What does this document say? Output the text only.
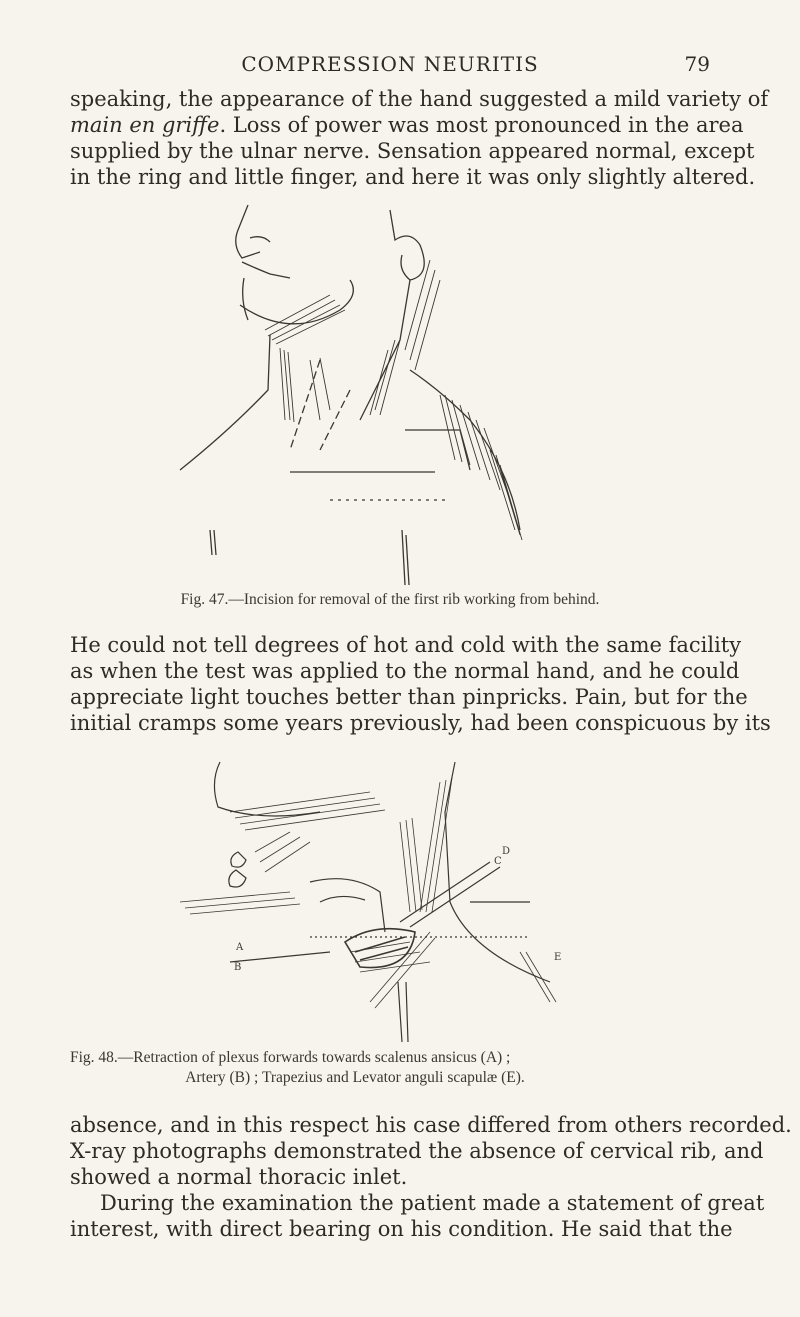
COMPRESSION NEURITIS	79
speaking, the appearance of the hand suggested a mild variety of
main en griffe. Loss of power was most pronounced in the area
supplied by the ulnar nerve. Sensation appeared normal, except
in the ring and little finger, and here it was only slightly altered.
Fig. 47.—Incision for removal of the first rib working from behind.
He could not tell degrees of hot and cold with the same facility
as when the test was applied to the normal hand, and he could
appreciate light touches better than pinpricks. Pain, but for the
initial cramps some years previously, had been conspicuous by its
D
C
A
B
E
Fig. 48.—Retraction of plexus forwards towards scalenus ansicus (A) ;
Artery (B) ; Trapezius and Levator anguli scapulæ (E).
absence, and in this respect his case differed from others recorded.
X-ray photographs demonstrated the absence of cervical rib, and
showed a normal thoracic inlet.
During the examination the patient made a statement of great
interest, with direct bearing on his condition. He said that the
